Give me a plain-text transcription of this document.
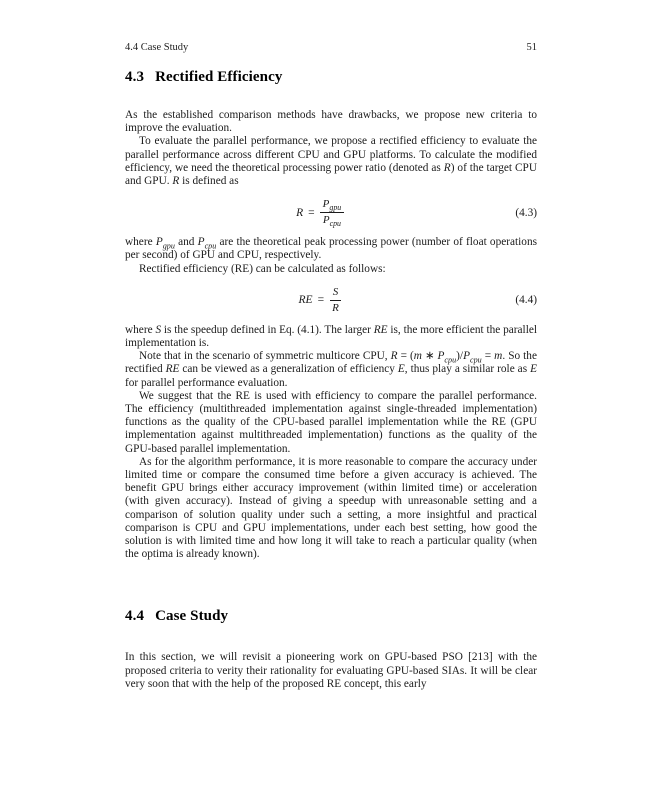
4.4 Case Study	51
4.3 Rectified Efficiency

As the established comparison methods have drawbacks, we propose new criteria to improve the evaluation.

To evaluate the parallel performance, we propose a rectified efficiency to evaluate the parallel performance across different CPU and GPU platforms. To calculate the modified efficiency, we need the theoretical processing power ratio (denoted as R) of the target CPU and GPU. R is defined as

$R = \frac{P_{gpu}}{P_{cpu}}$	(4.3)

where $P_{gpu}$ and $P_{cpu}$ are the theoretical peak processing power (number of float operations per second) of GPU and CPU, respectively.

Rectified efficiency (RE) can be calculated as follows:

RE = $\frac{S}{R}$	(4.4)

where S is the speedup defined in Eq. (4.1). The larger RE is, the more efficient the parallel implementation is.

Note that in the scenario of symmetric multicore CPU, R = (m ∗ $P_{cpu})/P_{cpu} = m$. So the rectified RE can be viewed as a generalization of efficiency E, thus play a similar role as E for parallel performance evaluation.

We suggest that the RE is used with efficiency to compare the parallel performance. The efficiency (multithreaded implementation against single-threaded implementation) functions as the quality of the CPU-based parallel implementation while the RE (GPU implementation against multithreaded implementation) functions as the quality of the GPU-based parallel implementation.

As for the algorithm performance, it is more reasonable to compare the accuracy under limited time or compare the consumed time before a given accuracy is achieved. The benefit GPU brings either accuracy improvement (within limited time) or acceleration (with given accuracy). Instead of giving a speedup with unreasonable setting and a comparison of solution quality under such a setting, a more insightful and practical comparison is CPU and GPU implementations, under each best setting, how good the solution is with limited time and how long it will take to reach a particular quality (when the optima is already known).

4.4 Case Study

In this section, we will revisit a pioneering work on GPU-based PSO [213] with the proposed criteria to verity their rationality for evaluating GPU-based SIAs. It will be clear very soon that with the help of the proposed RE concept, this early
